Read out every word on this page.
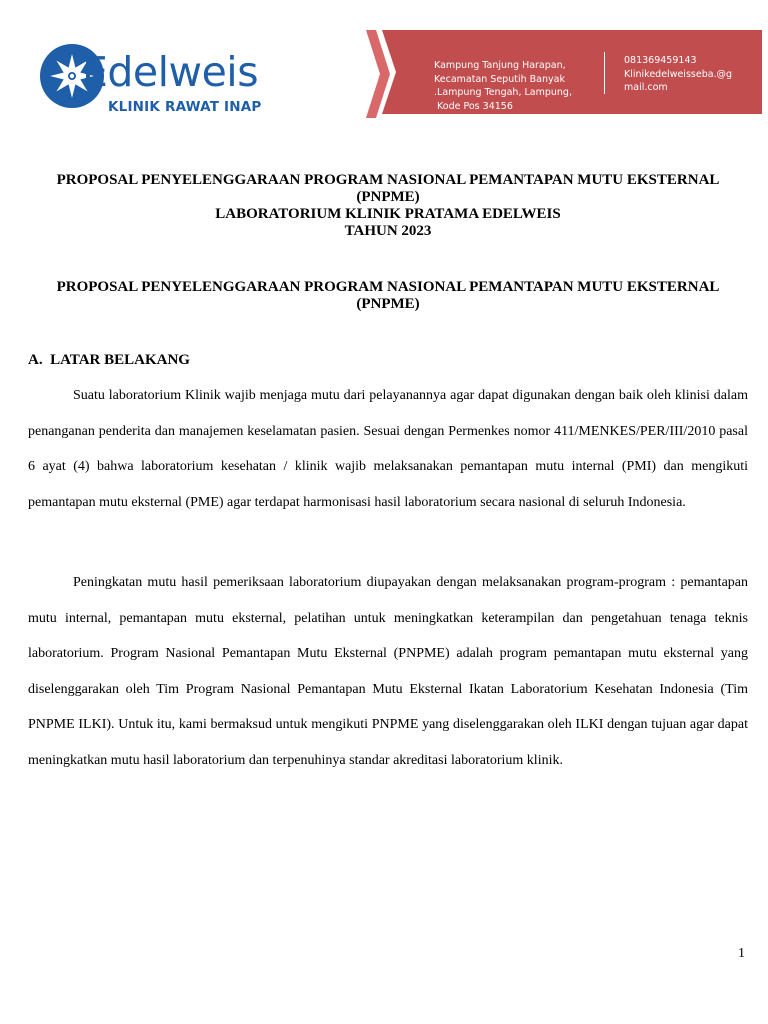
Edelweis
KLINIK RAWAT INAP
Kampung Tanjung Harapan,
Kecamatan Seputih Banyak
.Lampung Tengah, Lampung,
Kode Pos 34156
081369459143
Klinikedelweisseba.@g
mail.com
PROPOSAL PENYELENGGARAAN PROGRAM NASIONAL PEMANTAPAN MUTU EKSTERNAL
(PNPME)
LABORATORIUM KLINIK PRATAMA EDELWEIS
TAHUN 2023
PROPOSAL PENYELENGGARAAN PROGRAM NASIONAL PEMANTAPAN MUTU EKSTERNAL
(PNPME)
A.  LATAR BELAKANG

Suatu laboratorium Klinik wajib menjaga mutu dari pelayanannya agar dapat digunakan dengan baik oleh klinisi dalam penanganan penderita dan manajemen keselamatan pasien. Sesuai dengan Permenkes nomor 411/MENKES/PER/III/2010 pasal 6 ayat (4) bahwa laboratorium kesehatan / klinik wajib melaksanakan pemantapan mutu internal (PMI) dan mengikuti pemantapan mutu eksternal (PME) agar terdapat harmonisasi hasil laboratorium secara nasional di seluruh Indonesia.

Peningkatan mutu hasil pemeriksaan laboratorium diupayakan dengan melaksanakan program-program : pemantapan mutu internal, pemantapan mutu eksternal, pelatihan untuk meningkatkan keterampilan dan pengetahuan tenaga teknis laboratorium. Program Nasional Pemantapan Mutu Eksternal (PNPME) adalah program pemantapan mutu eksternal yang diselenggarakan oleh Tim Program Nasional Pemantapan Mutu Eksternal Ikatan Laboratorium Kesehatan Indonesia (Tim PNPME ILKI). Untuk itu, kami bermaksud untuk mengikuti PNPME yang diselenggarakan oleh ILKI dengan tujuan agar dapat meningkatkan mutu hasil laboratorium dan terpenuhinya standar akreditasi laboratorium klinik.

1
